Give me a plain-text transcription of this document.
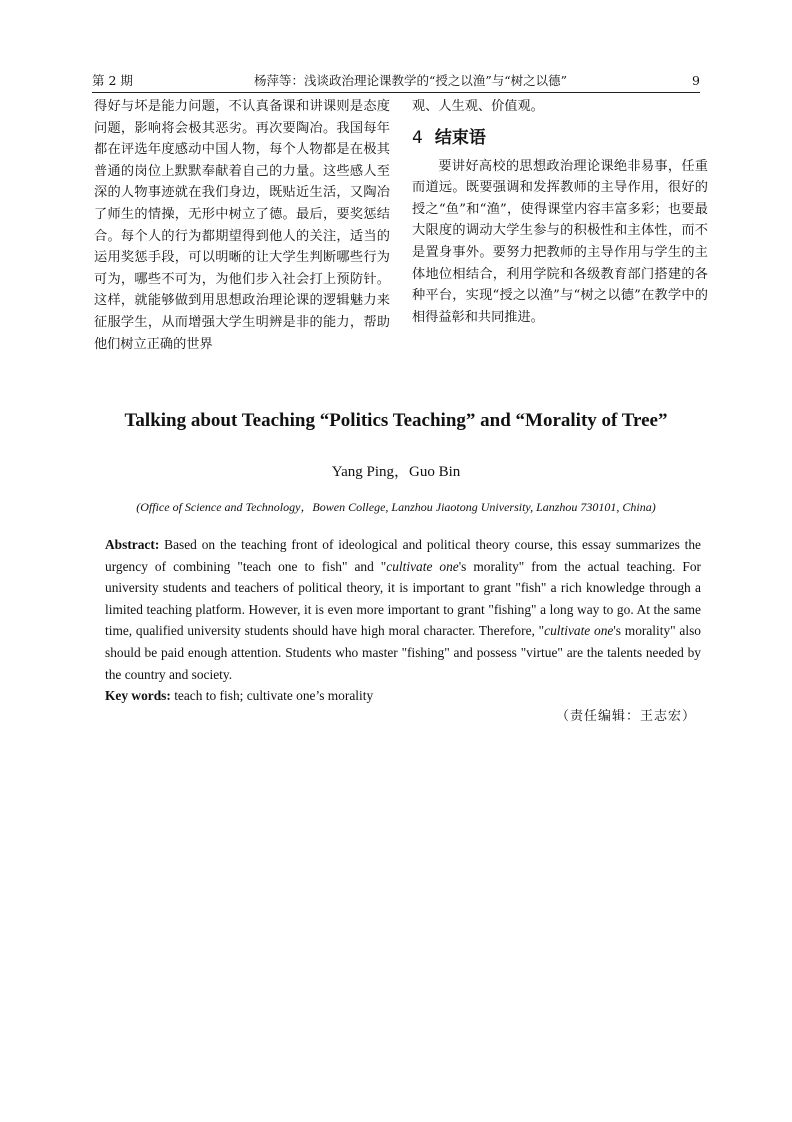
第 2 期	杨萍等：浅谈政治理论课教学的“授之以渔”与“树之以德”	9

得好与坏是能力问题，不认真备课和讲课则是态度问题，影响将会极其恶劣。再次要陶冶。我国每年都在评选年度感动中国人物，每个人物都是在极其普通的岗位上默默奉献着自己的力量。这些感人至深的人物事迹就在我们身边，既贴近生活，又陶冶了师生的情操，无形中树立了德。最后，要奖惩结合。每个人的行为都期望得到他人的关注，适当的运用奖惩手段，可以明晰的让大学生判断哪些行为可为，哪些不可为，为他们步入社会打上预防针。这样，就能够做到用思想政治理论课的逻辑魅力来征服学生，从而增强大学生明辨是非的能力，帮助他们树立正确的世界

观、人生观、价值观。

4 结束语

要讲好高校的思想政治理论课绝非易事，任重而道远。既要强调和发挥教师的主导作用，很好的授之“鱼”和“渔”，使得课堂内容丰富多彩；也要最大限度的调动大学生参与的积极性和主体性，而不是置身事外。要努力把教师的主导作用与学生的主体地位相结合，利用学院和各级教育部门搭建的各种平台，实现“授之以渔”与“树之以德”在教学中的相得益彰和共同推进。

Talking about Teaching “Politics Teaching” and “Morality of Tree”
Yang Ping，Guo Bin
(Office of Science and Technology，Bowen College, Lanzhou Jiaotong University, Lanzhou 730101, China)

Abstract: Based on the teaching front of ideological and political theory course, this essay summarizes the urgency of combining "teach one to fish" and "cultivate one's morality" from the actual teaching. For university students and teachers of political theory, it is important to grant "fish" a rich knowledge through a limited teaching platform. However, it is even more important to grant "fishing" a long way to go. At the same time, qualified university students should have high moral character. Therefore, "cultivate one's morality" also should be paid enough attention. Students who master "fishing" and possess "virtue" are the talents needed by the country and society.

Key words: teach to fish; cultivate one’s morality

（责任编辑：王志宏）
